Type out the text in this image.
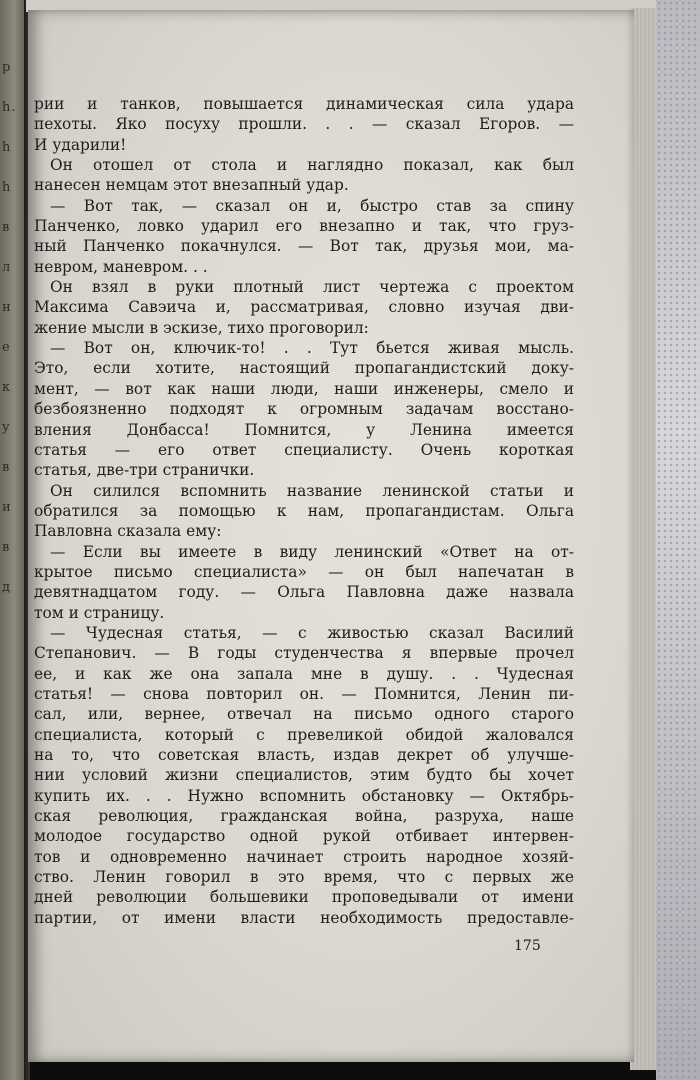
p
h.
h
h
в
л
н
е
к
у
в
и
в
д
рии и танков, повышается динамическая сила удара
пехоты. Яко посуху прошли. . . — сказал Егоров. —
И ударили!
Он отошел от стола и наглядно показал, как был
нанесен немцам этот внезапный удар.
— Вот так, — сказал он и, быстро став за спину
Панченко, ловко ударил его внезапно и так, что груз-
ный Панченко покачнулся. — Вот так, друзья мои, ма-
невром, маневром. . .
Он взял в руки плотный лист чертежа с проектом
Максима Савэича и, рассматривая, словно изучая дви-
жение мысли в эскизе, тихо проговорил:
— Вот он, ключик-то! . . Тут бьется живая мысль.
Это, если хотите, настоящий пропагандистский доку-
мент, — вот как наши люди, наши инженеры, смело и
безбоязненно подходят к огромным задачам восстано-
вления Донбасса! Помнится, у Ленина имеется
статья — его ответ специалисту. Очень короткая
статья, две-три странички.
Он силился вспомнить название ленинской статьи и
обратился за помощью к нам, пропагандистам. Ольга
Павловна сказала ему:
— Если вы имеете в виду ленинский «Ответ на от-
крытое письмо специалиста» — он был напечатан в
девятнадцатом году. — Ольга Павловна даже назвала
том и страницу.
— Чудесная статья, — с живостью сказал Василий
Степанович. — В годы студенчества я впервые прочел
ее, и как же она запала мне в душу. . . Чудесная
статья! — снова повторил он. — Помнится, Ленин пи-
сал, или, вернее, отвечал на письмо одного старого
специалиста, который с превеликой обидой жаловался
на то, что советская власть, издав декрет об улучше-
нии условий жизни специалистов, этим будто бы хочет
купить их. . . Нужно вспомнить обстановку — Октябрь-
ская революция, гражданская война, разруха, наше
молодое государство одной рукой отбивает интервен-
тов и одновременно начинает строить народное хозяй-
ство. Ленин говорил в это время, что с первых же
дней революции большевики проповедывали от имени
партии, от имени власти необходимость предоставле-
175
